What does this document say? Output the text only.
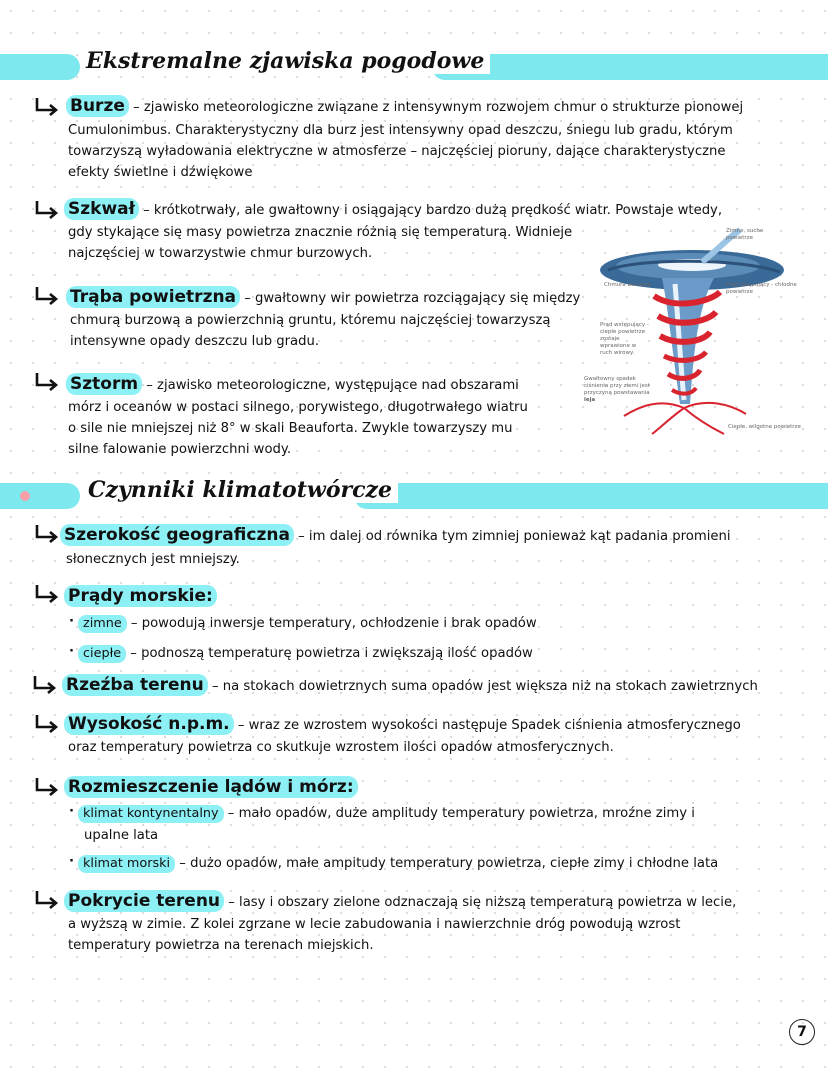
Ekstremalne zjawiska pogodowe
Burze – zjawisko meteorologiczne związane z intensywnym rozwojem chmur o strukturze pionowej
Cumulonimbus. Charakterystyczny dla burz jest intensywny opad deszczu, śniegu lub gradu, którym
towarzyszą wyładowania elektryczne w atmosferze – najczęściej pioruny, dające charakterystyczne
efekty świetlne i dźwiękowe
Szkwał – krótkotrwały, ale gwałtowny i osiągający bardzo dużą prędkość wiatr. Powstaje wtedy,
gdy stykające się masy powietrza znacznie różnią się temperaturą. Widnieje
najczęściej w towarzystwie chmur burzowych.
Trąba powietrzna – gwałtowny wir powietrza rozciągający się między
chmurą burzową a powierzchnią gruntu, któremu najczęściej towarzyszą
intensywne opady deszczu lub gradu.
Sztorm – zjawisko meteorologiczne, występujące nad obszarami
mórz i oceanów w postaci silnego, porywistego, długotrwałego wiatru
o sile nie mniejszej niż 8° w skali Beauforta. Zwykle towarzyszy mu
silne falowanie powierzchni wody.
Zimne, suche powietrze
Chmura burzowa	Prąd zstępujący - chłodne powietrze
Prąd wstępujący - ciepłe powietrze zostaje wprawione w ruch wirowy.
Gwałtowny spadek ciśnienia przy ziemi jest przyczyną powstawania leja
Ciepłe, wilgotne powietrze
Czynniki klimatotwórcze
Szerokość geograficzna – im dalej od równika tym zimniej ponieważ kąt padania promieni
słonecznych jest mniejszy.
Prądy morskie:
· zimne – powodują inwersje temperatury, ochłodzenie i brak opadów
· ciepłe – podnoszą temperaturę powietrza i zwiększają ilość opadów
Rzeźba terenu – na stokach dowietrznych suma opadów jest większa niż na stokach zawietrznych
Wysokość n.p.m. – wraz ze wzrostem wysokości następuje Spadek ciśnienia atmosferycznego
oraz temperatury powietrza co skutkuje wzrostem ilości opadów atmosferycznych.
Rozmieszczenie lądów i mórz:
· klimat kontynentalny – mało opadów, duże amplitudy temperatury powietrza, mroźne zimy i
upalne lata
· klimat morski – dużo opadów, małe ampitudy temperatury powietrza, ciepłe zimy i chłodne lata
Pokrycie terenu – lasy i obszary zielone odznaczają się niższą temperaturą powietrza w lecie,
a wyższą w zimie. Z kolei zgrzane w lecie zabudowania i nawierzchnie dróg powodują wzrost
temperatury powietrza na terenach miejskich.
7
